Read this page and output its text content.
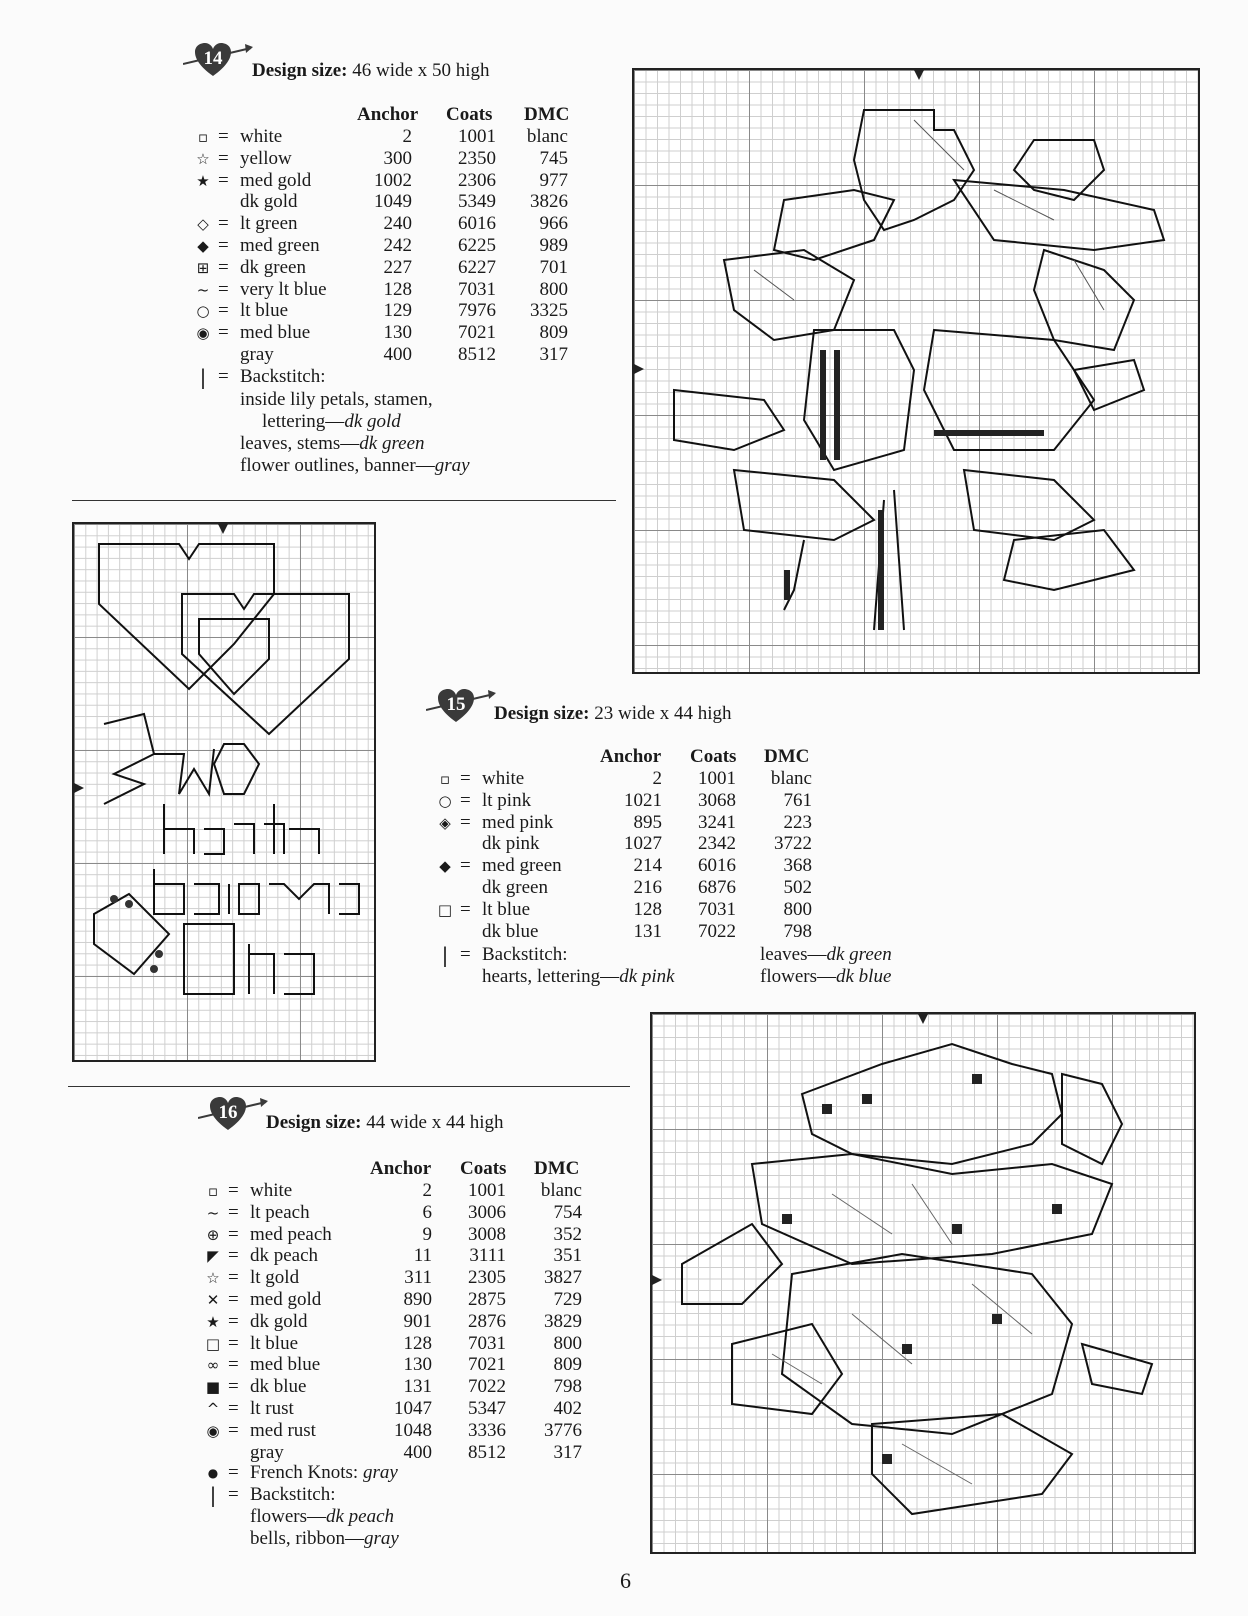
14
Design size: 46 wide x 50 high
Anchor Coats DMC
▫ = white	2 1001 blanc
☆ = yellow	300 2350 745
★ = med gold	1002 2306 977
dk gold	1049 5349 3826
◇ = lt green	240 6016 966
◆ = med green	242 6225 989
⊞ = dk green	227 6227 701
~ = very lt blue	128 7031 800
○ = lt blue	129 7976 3325
◉ = med blue	130 7021 809
gray	400 8512 317
| = Backstitch:
inside lily petals, stamen,
lettering—dk gold
leaves, stems—dk green
flower outlines, banner—gray
15	Design size: 23 wide x 44 high
Anchor Coats DMC
▫ = white	2 1001 blanc
○ = lt pink	1021 3068	761
◈ = med pink	895 3241	223
dk pink	1027 2342 3722
◆ = med green	214 6016	368
dk green	216 6876	502
□ = lt blue	128 7031	800
dk blue	131 7022	798
| = Backstitch:
hearts, lettering—dk pink
leaves—dk green
flowers—dk blue
16	Design size: 44 wide x 44 high
Anchor Coats DMC
▫ = white	2 1001 blanc
~ = lt peach	6 3006	754
⊕ = med peach	9 3008	352
◤ = dk peach	11 3111	351
☆ = lt gold	311 2305 3827
✕ = med gold	890 2875	729
★ = dk gold	901 2876 3829
□ = lt blue	128 7031	800
∞ = med blue	130 7021	809
■ = dk blue	131 7022	798
^ = lt rust	1047 5347	402
◉ = med rust	1048 3336 3776
gray	400 8512	317
● = French Knots: gray
| = Backstitch:
flowers—dk peach
bells, ribbon—gray
6
